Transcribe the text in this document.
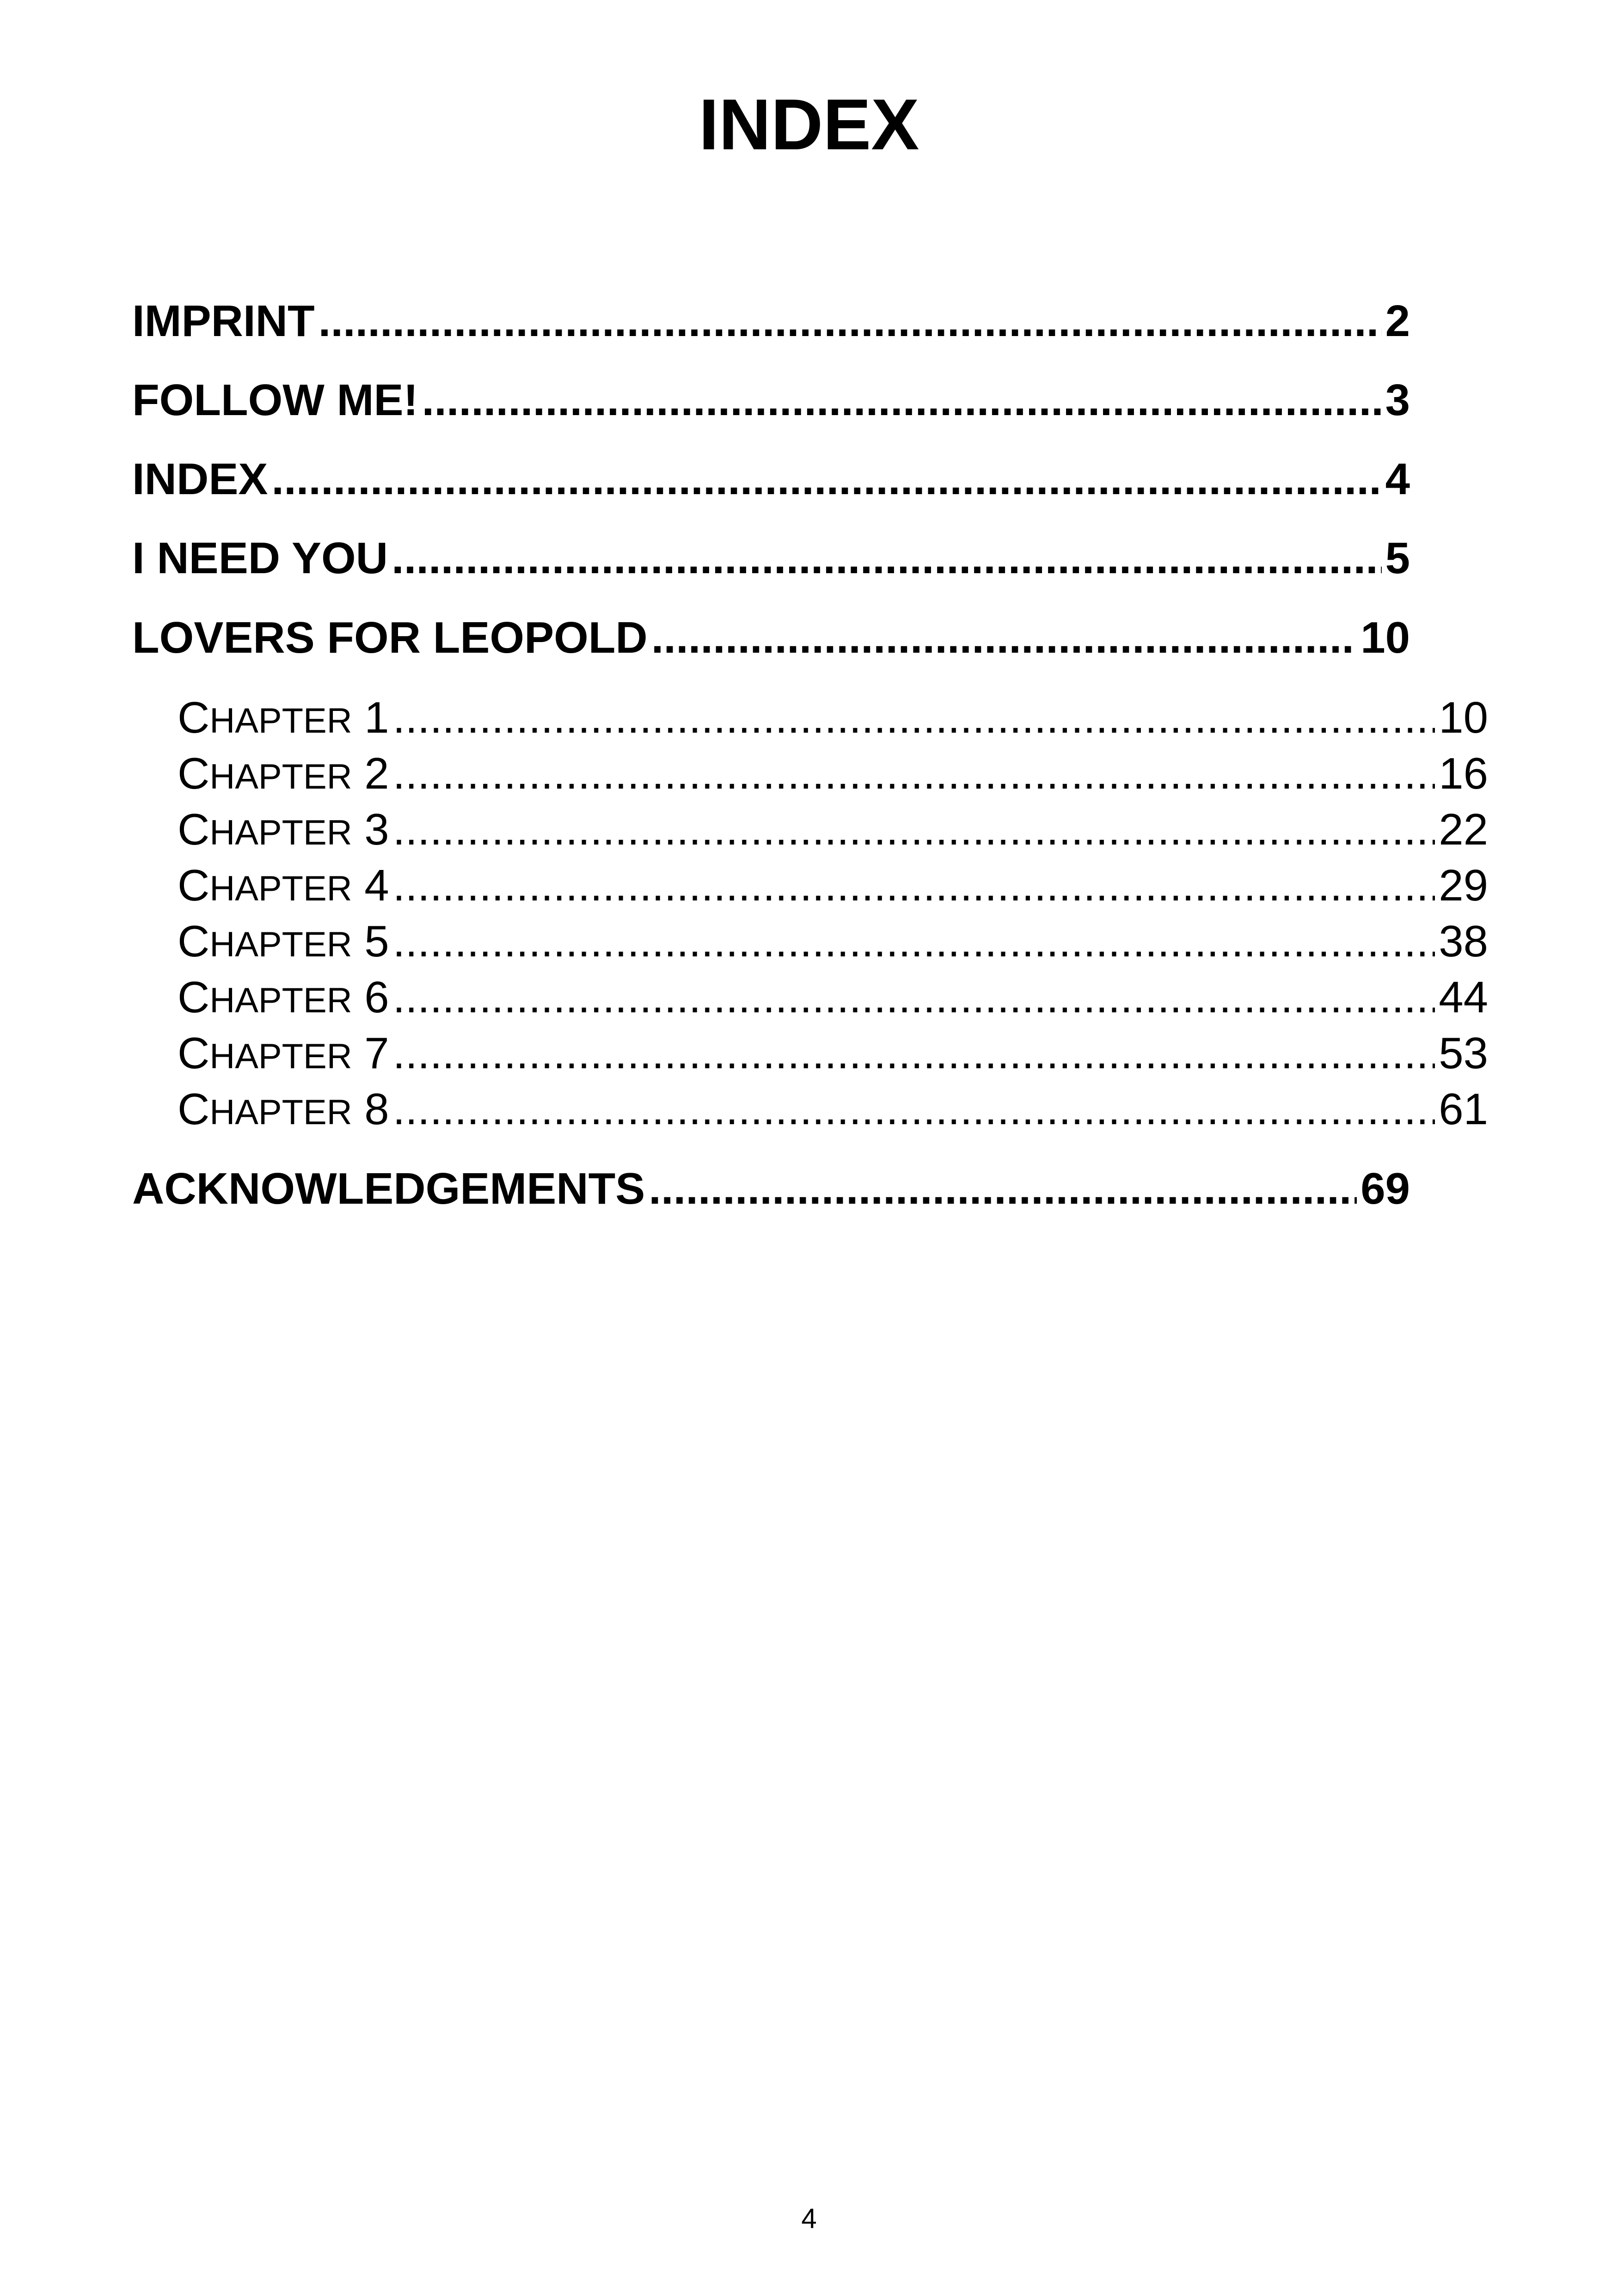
INDEX
IMPRINT .....	2
FOLLOW ME! .....	3
INDEX .....	4
I NEED YOU .....	5
LOVERS FOR LEOPOLD .....	10
CHAPTER 1 .....	10
CHAPTER 2 .....	16
CHAPTER 3 .....	22
CHAPTER 4 .....	29
CHAPTER 5 .....	38
CHAPTER 6 .....	44
CHAPTER 7 .....	53
CHAPTER 8 .....	61
ACKNOWLEDGEMENTS .....	69
4
